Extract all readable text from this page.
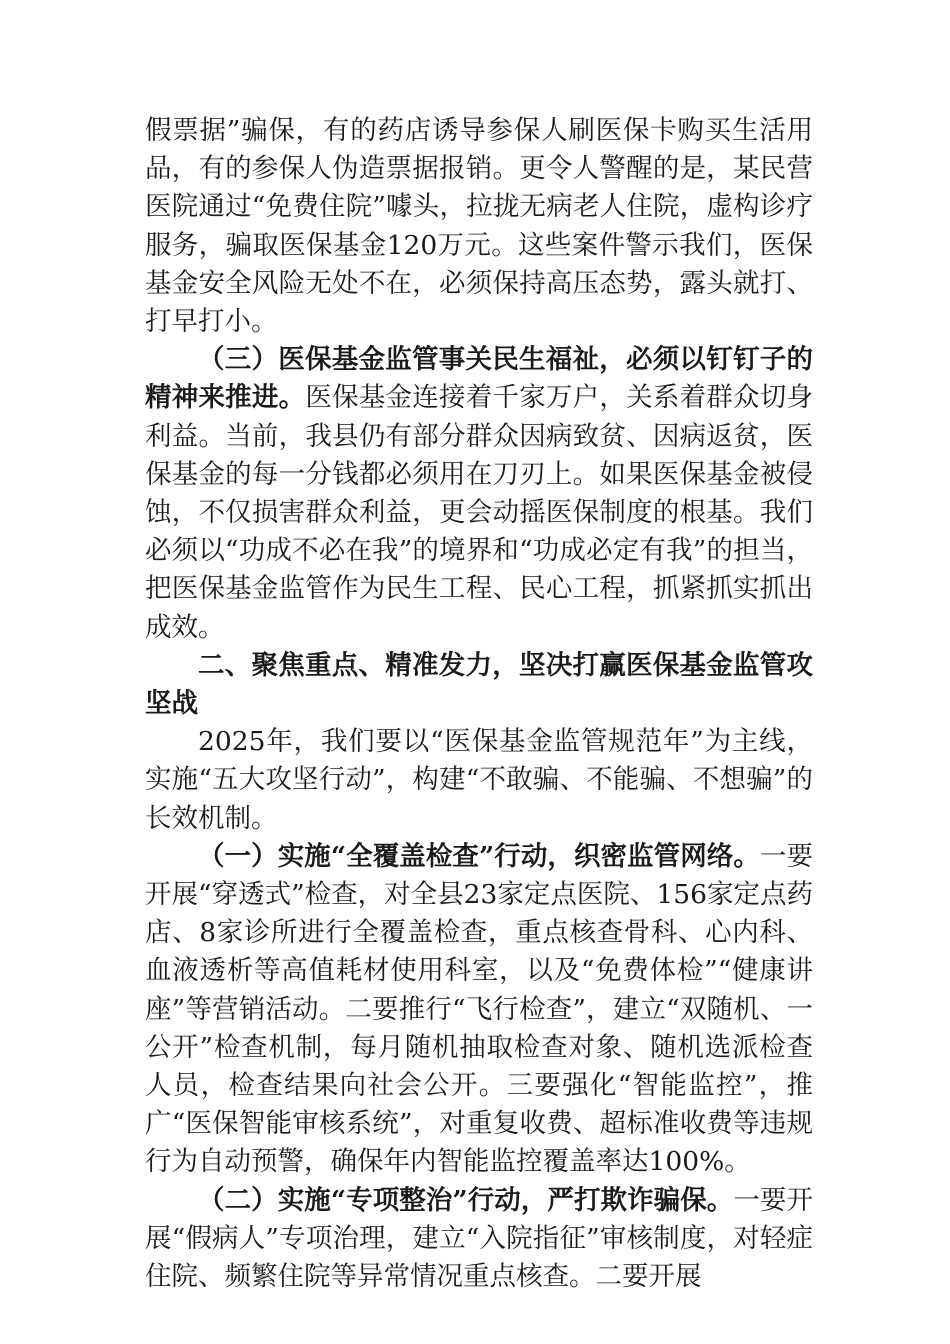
假票据”骗保，有的药店诱导参保人刷医保卡购买生活用品，有的参保人伪造票据报销。更令人警醒的是，某民营医院通过“免费住院”噱头，拉拢无病老人住院，虚构诊疗服务，骗取医保基金120万元。这些案件警示我们，医保基金安全风险无处不在，必须保持高压态势，露头就打、打早打小。

（三）医保基金监管事关民生福祉，必须以钉钉子的精神来推进。医保基金连接着千家万户，关系着群众切身利益。当前，我县仍有部分群众因病致贫、因病返贫，医保基金的每一分钱都必须用在刀刃上。如果医保基金被侵蚀，不仅损害群众利益，更会动摇医保制度的根基。我们必须以“功成不必在我”的境界和“功成必定有我”的担当，把医保基金监管作为民生工程、民心工程，抓紧抓实抓出成效。

二、聚焦重点、精准发力，坚决打赢医保基金监管攻坚战

2025年，我们要以“医保基金监管规范年”为主线，实施“五大攻坚行动”，构建“不敢骗、不能骗、不想骗”的长效机制。

（一）实施“全覆盖检查”行动，织密监管网络。一要开展“穿透式”检查，对全县23家定点医院、156家定点药店、8家诊所进行全覆盖检查，重点核查骨科、心内科、血液透析等高值耗材使用科室，以及“免费体检”“健康讲座”等营销活动。二要推行“飞行检查”，建立“双随机、一公开”检查机制，每月随机抽取检查对象、随机选派检查人员，检查结果向社会公开。三要强化“智能监控”，推广“医保智能审核系统”，对重复收费、超标准收费等违规行为自动预警，确保年内智能监控覆盖率达100%。

（二）实施“专项整治”行动，严打欺诈骗保。一要开展“假病人”专项治理，建立“入院指征”审核制度，对轻症住院、频繁住院等异常情况重点核查。二要开展
